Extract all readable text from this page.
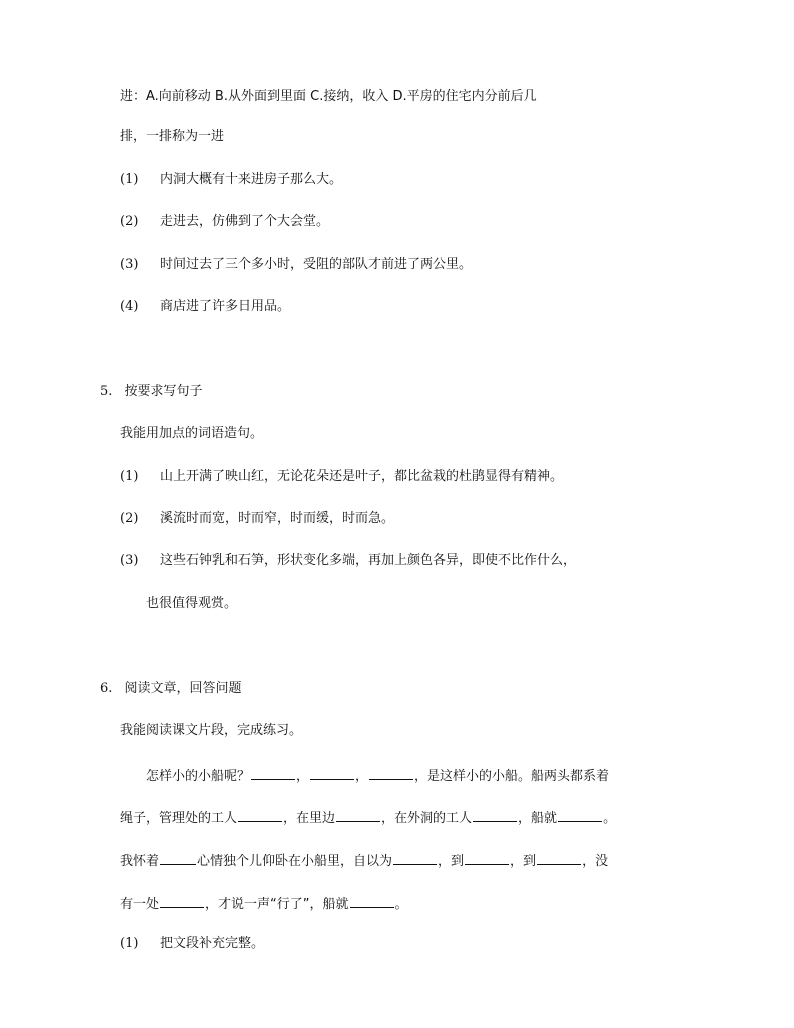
进：A.向前移动 B.从外面到里面 C.接纳，收入 D.平房的住宅内分前后几
排，一排称为一进
(1) 内洞大概有十来进房子那么大。
(2) 走进去，仿佛到了个大会堂。
(3) 时间过去了三个多小时，受阻的部队才前进了两公里。
(4) 商店进了许多日用品。
5. 按要求写句子
我能用加点的词语造句。
(1) 山上开满了映山红，无论花朵还是叶子，都比盆栽的杜鹃显得有精神。
(2) 溪流时而宽，时而窄，时而缓，时而急。
(3) 这些石钟乳和石笋，形状变化多端，再加上颜色各异，即使不比作什么，
也很值得观赏。
6. 阅读文章，回答问题
我能阅读课文片段，完成练习。
怎样小的小船呢？	，	，	，是这样小的小船。船两头都系着
绳子，管理处的工人	，在里边	，在外洞的工人	，船就	。
我怀着	心情独个儿仰卧在小船里，自以为	，到	，到	，没
有一处	，才说一声“行了”，船就	。
(1) 把文段补充完整。
